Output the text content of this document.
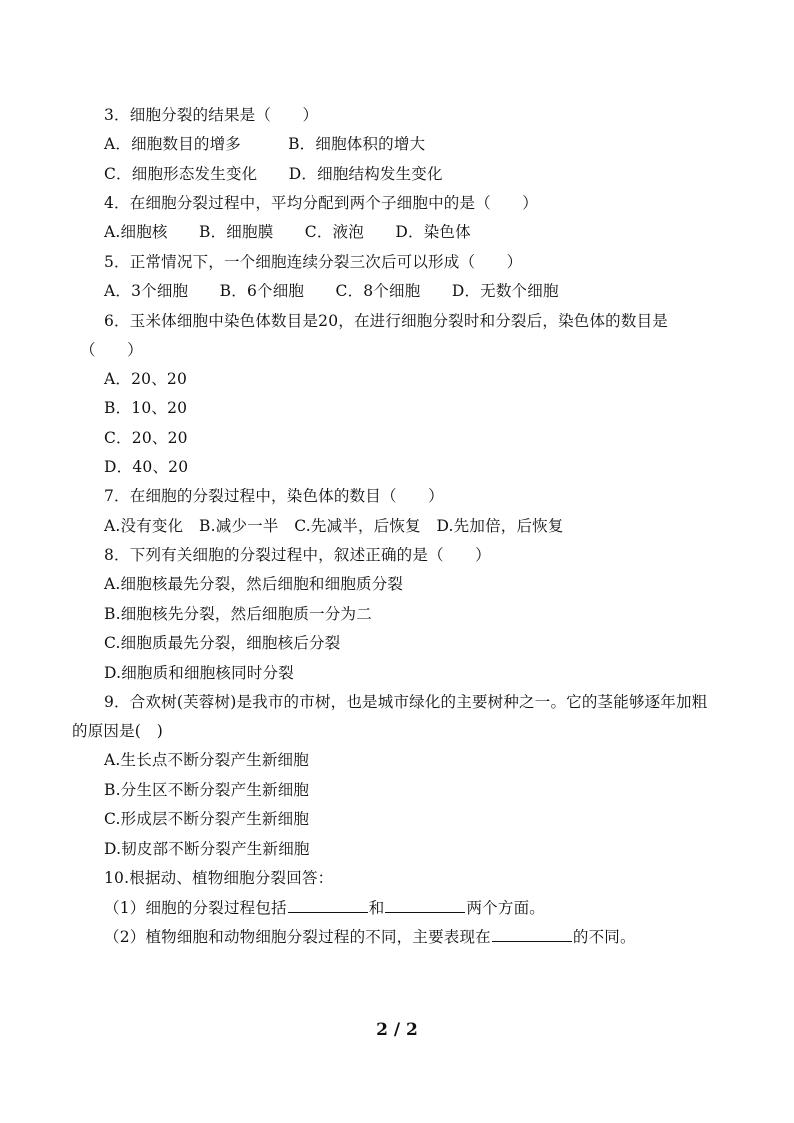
3．细胞分裂的结果是（　　）
A．细胞数目的增多　　　B．细胞体积的增大
C．细胞形态发生变化　　D．细胞结构发生变化
4．在细胞分裂过程中，平均分配到两个子细胞中的是（　　）
A.细胞核　　B．细胞膜　　C．液泡　　D．染色体
5．正常情况下，一个细胞连续分裂三次后可以形成（　　）
A．3个细胞　　B．6个细胞　　C．8个细胞　　D．无数个细胞
6．玉米体细胞中染色体数目是20，在进行细胞分裂时和分裂后，染色体的数目是
（　　）
A．20、20
B．10、20
C．20、20
D．40、20
7．在细胞的分裂过程中，染色体的数目（　　）
A.没有变化　B.减少一半　C.先减半，后恢复　D.先加倍，后恢复
8．下列有关细胞的分裂过程中，叙述正确的是（　　）
A.细胞核最先分裂，然后细胞和细胞质分裂
B.细胞核先分裂，然后细胞质一分为二
C.细胞质最先分裂，细胞核后分裂
D.细胞质和细胞核同时分裂
9．合欢树(芙蓉树)是我市的市树，也是城市绿化的主要树种之一。它的茎能够逐年加粗
的原因是(　)
A.生长点不断分裂产生新细胞
B.分生区不断分裂产生新细胞
C.形成层不断分裂产生新细胞
D.韧皮部不断分裂产生新细胞
10.根据动、植物细胞分裂回答：
（1）细胞的分裂过程包括	和	两个方面。
（2）植物细胞和动物细胞分裂过程的不同，主要表现在	的不同。
2 / 2
